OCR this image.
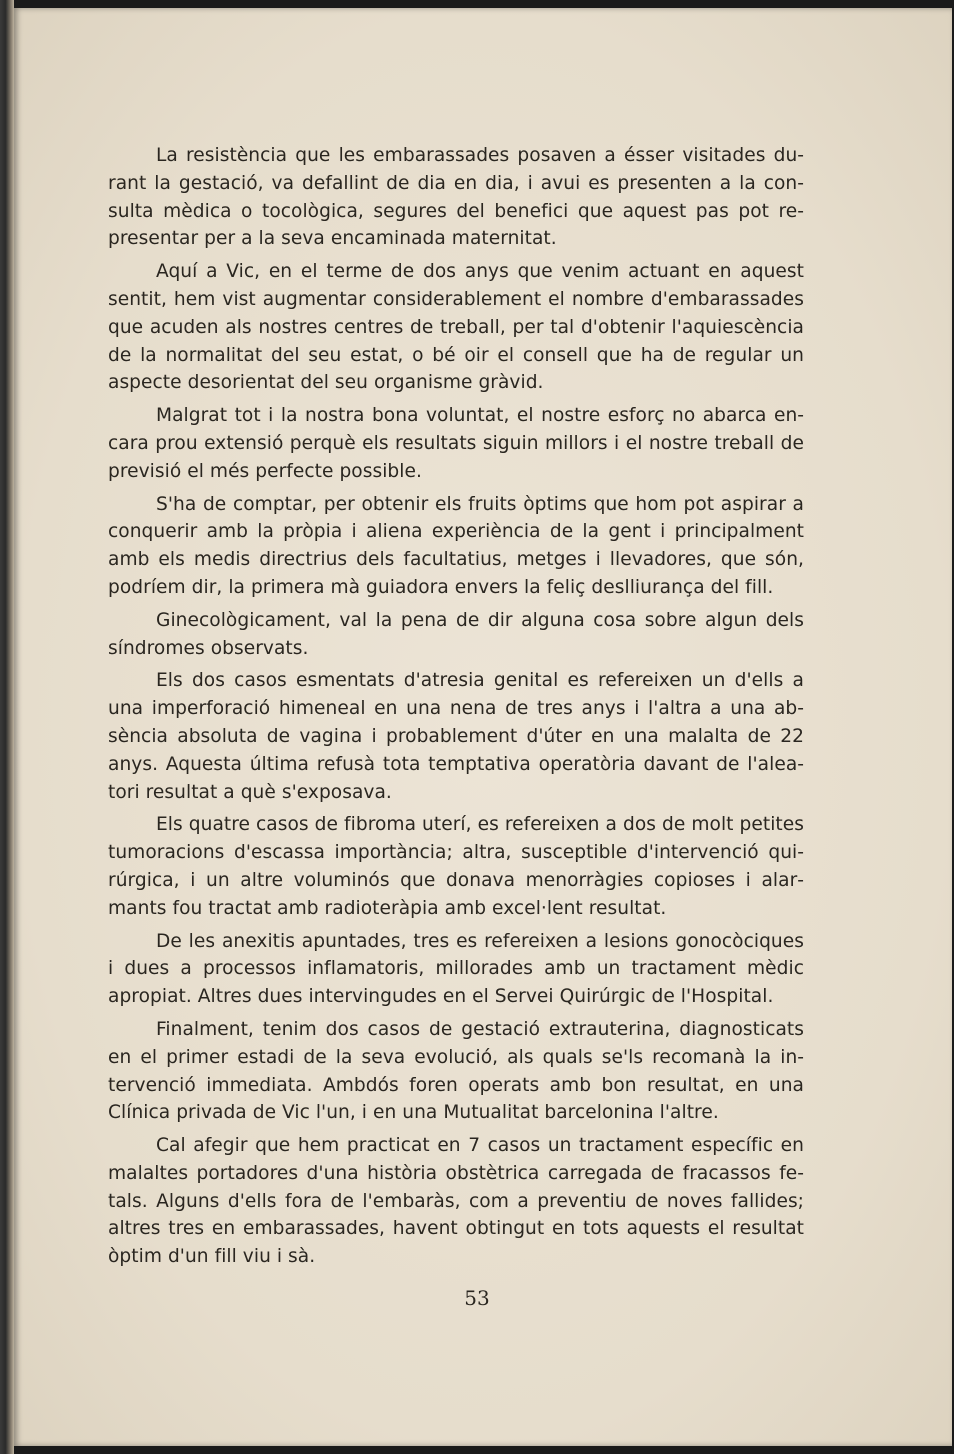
La resistència que les embarassades posaven a ésser visitades durant la gestació, va defallint de dia en dia, i avui es presenten a la consulta mèdica o tocològica, segures del benefici que aquest pas pot representar per a la seva encaminada maternitat.

Aquí a Vic, en el terme de dos anys que venim actuant en aquest sentit, hem vist augmentar considerablement el nombre d'embarassades que acuden als nostres centres de treball, per tal d'obtenir l'aquiescència de la normalitat del seu estat, o bé oir el consell que ha de regular un aspecte desorientat del seu organisme gràvid.

Malgrat tot i la nostra bona voluntat, el nostre esforç no abarca encara prou extensió perquè els resultats siguin millors i el nostre treball de previsió el més perfecte possible.

S'ha de comptar, per obtenir els fruits òptims que hom pot aspirar a conquerir amb la pròpia i aliena experiència de la gent i principalment amb els medis directrius dels facultatius, metges i llevadores, que són, podríem dir, la primera mà guiadora envers la feliç deslliurança del fill.

Ginecològicament, val la pena de dir alguna cosa sobre algun dels síndromes observats.

Els dos casos esmentats d'atresia genital es refereixen un d'ells a una imperforació himeneal en una nena de tres anys i l'altra a una absència absoluta de vagina i probablement d'úter en una malalta de 22 anys. Aquesta última refusà tota temptativa operatòria davant de l'aleatori resultat a què s'exposava.

Els quatre casos de fibroma uterí, es refereixen a dos de molt petites tumoracions d'escassa importància; altra, susceptible d'intervenció quirúrgica, i un altre voluminós que donava menorràgies copioses i alarmants fou tractat amb radioteràpia amb excel·lent resultat.

De les anexitis apuntades, tres es refereixen a lesions gonocòciques i dues a processos inflamatoris, millorades amb un tractament mèdic apropiat. Altres dues intervingudes en el Servei Quirúrgic de l'Hospital.

Finalment, tenim dos casos de gestació extrauterina, diagnosticats en el primer estadi de la seva evolució, als quals se'ls recomanà la intervenció immediata. Ambdós foren operats amb bon resultat, en una Clínica privada de Vic l'un, i en una Mutualitat barcelonina l'altre.

Cal afegir que hem practicat en 7 casos un tractament específic en malaltes portadores d'una història obstètrica carregada de fracassos fetals. Alguns d'ells fora de l'embaràs, com a preventiu de noves fallides; altres tres en embarassades, havent obtingut en tots aquests el resultat òptim d'un fill viu i sà.

53
